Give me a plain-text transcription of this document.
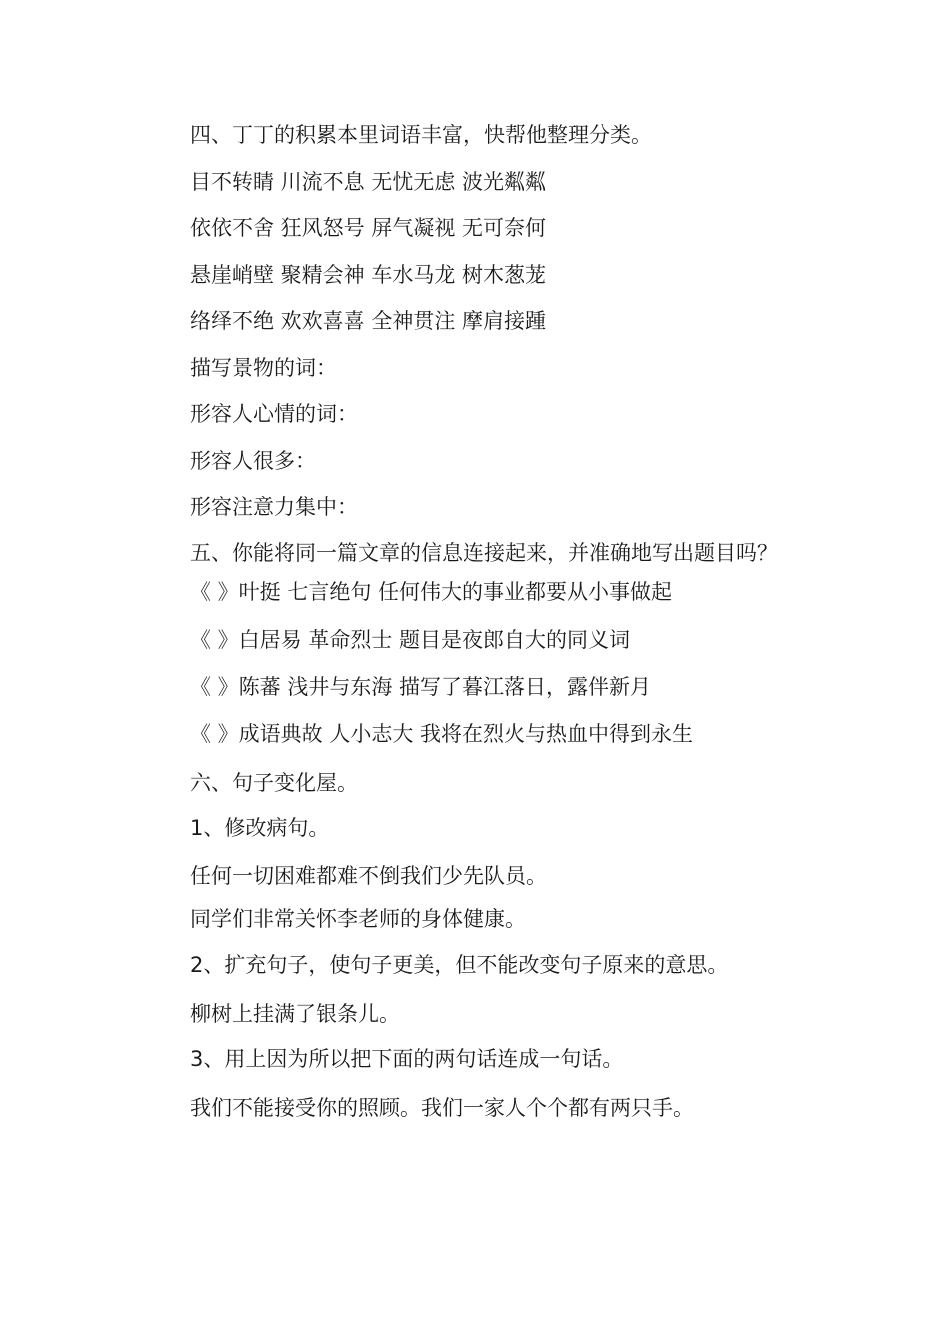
四、丁丁的积累本里词语丰富，快帮他整理分类。

目不转睛 川流不息 无忧无虑 波光粼粼

依依不舍 狂风怒号 屏气凝视 无可奈何

悬崖峭壁 聚精会神 车水马龙 树木葱茏

络绎不绝 欢欢喜喜 全神贯注 摩肩接踵

描写景物的词：

形容人心情的词：

形容人很多：

形容注意力集中：

五、你能将同一篇文章的信息连接起来，并准确地写出题目吗？

《 》叶挺 七言绝句 任何伟大的事业都要从小事做起

《 》白居易 革命烈士 题目是夜郎自大的同义词

《 》陈蕃 浅井与东海 描写了暮江落日，露伴新月

《 》成语典故 人小志大 我将在烈火与热血中得到永生

六、句子变化屋。

1、修改病句。

任何一切困难都难不倒我们少先队员。

同学们非常关怀李老师的身体健康。

2、扩充句子，使句子更美，但不能改变句子原来的意思。

柳树上挂满了银条儿。

3、用上因为所以把下面的两句话连成一句话。

我们不能接受你的照顾。我们一家人个个都有两只手。
